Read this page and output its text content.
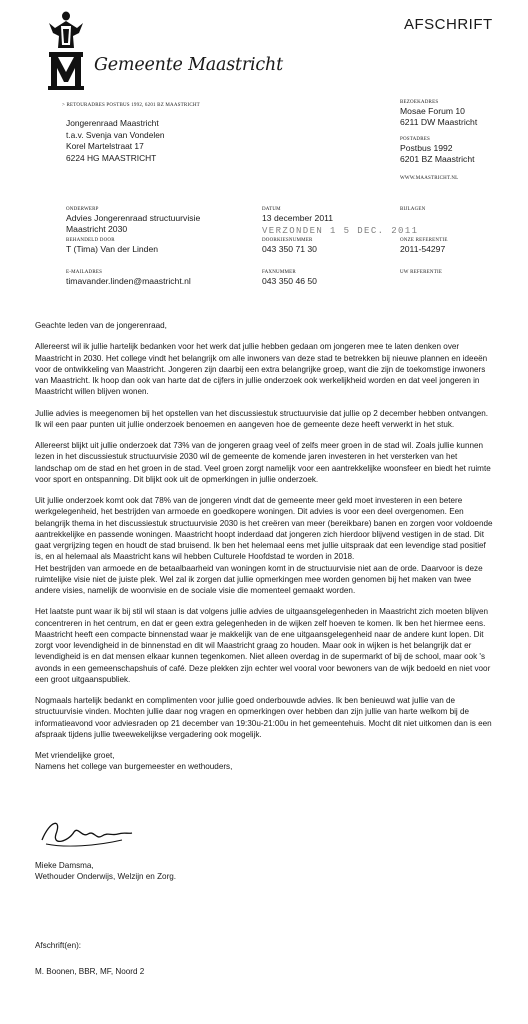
AFSCHRIFT
Gemeente Maastricht
> RETOURADRES POSTBUS 1992, 6201 BZ MAASTRICHT
Jongerenraad Maastricht
t.a.v. Svenja van Vondelen
Korel Martelstraat 17
6224 HG MAASTRICHT
BEZOEKADRES
Mosae Forum 10
6211 DW Maastricht
POSTADRES
Postbus 1992
6201 BZ Maastricht
WWW.MAASTRICHT.NL
ONDERWERP
Advies Jongerenraad structuurvisie
Maastricht 2030
DATUM
13 december 2011
BIJLAGEN
VERZONDEN 1 5 DEC. 2011
BEHANDELD DOOR
T (Tima) Van der Linden
DOORKIESNUMMER
043 350 71 30
ONZE REFERENTIE
2011-54297
E-MAILADRES
timavander.linden@maastricht.nl
FAXNUMMER
043 350 46 50
UW REFERENTIE

Geachte leden van de jongerenraad,

Allereerst wil ik jullie hartelijk bedanken voor het werk dat jullie hebben gedaan om jongeren mee te laten denken over Maastricht in 2030. Het college vindt het belangrijk om alle inwoners van deze stad te betrekken bij nieuwe plannen en ideeën voor de ontwikkeling van Maastricht. Jongeren zijn daarbij een extra belangrijke groep, want die zijn de toekomstige inwoners van Maastricht. Ik hoop dan ook van harte dat de cijfers in jullie onderzoek ook werkelijkheid worden en dat veel jongeren in Maastricht willen blijven wonen.

Jullie advies is meegenomen bij het opstellen van het discussiestuk structuurvisie dat jullie op 2 december hebben ontvangen. Ik wil een paar punten uit jullie onderzoek benoemen en aangeven hoe de gemeente deze heeft verwerkt in het stuk.

Allereerst blijkt uit jullie onderzoek dat 73% van de jongeren graag veel of zelfs meer groen in de stad wil. Zoals jullie kunnen lezen in het discussiestuk structuurvisie 2030 wil de gemeente de komende jaren investeren in het versterken van het landschap om de stad en het groen in de stad. Veel groen zorgt namelijk voor een aantrekkelijke woonsfeer en biedt het ruimte voor sport en ontspanning. Dit blijkt ook uit de opmerkingen in jullie onderzoek.

Uit jullie onderzoek komt ook dat 78% van de jongeren vindt dat de gemeente meer geld moet investeren in een betere werkgelegenheid, het bestrijden van armoede en goedkopere woningen. Dit advies is voor een deel overgenomen. Een belangrijk thema in het discussiestuk structuurvisie 2030 is het creëren van meer (bereikbare) banen en zorgen voor voldoende aantrekkelijke en passende woningen. Maastricht hoopt inderdaad dat jongeren zich hierdoor blijvend vestigen in de stad. Dit gaat vergrijzing tegen en houdt de stad bruisend. Ik ben het helemaal eens met jullie uitspraak dat een levendige stad positief is, en al helemaal als Maastricht kans wil hebben Culturele Hoofdstad te worden in 2018.
Het bestrijden van armoede en de betaalbaarheid van woningen komt in de structuurvisie niet aan de orde. Daarvoor is deze ruimtelijke visie niet de juiste plek. Wel zal ik zorgen dat jullie opmerkingen mee worden genomen bij het maken van twee andere visies, namelijk de woonvisie en de sociale visie die momenteel gemaakt worden.

Het laatste punt waar ik bij stil wil staan is dat volgens jullie advies de uitgaansgelegenheden in Maastricht zich moeten blijven concentreren in het centrum, en dat er geen extra gelegenheden in de wijken zelf hoeven te komen. Ik ben het hiermee eens. Maastricht heeft een compacte binnenstad waar je makkelijk van de ene uitgaansgelegenheid naar de andere kunt lopen. Dit zorgt voor levendigheid in de binnenstad en dit wil Maastricht graag zo houden. Maar ook in wijken is het belangrijk dat er levendigheid is en dat mensen elkaar kunnen tegenkomen. Niet alleen overdag in de supermarkt of bij de school, maar ook 's avonds in een gemeenschapshuis of café. Deze plekken zijn echter wel vooral voor bewoners van de wijk bedoeld en niet voor een groot uitgaanspubliek.

Nogmaals hartelijk bedankt en complimenten voor jullie goed onderbouwde advies. Ik ben benieuwd wat jullie van de structuurvisie vinden. Mochten jullie daar nog vragen en opmerkingen over hebben dan zijn jullie van harte welkom bij de informatieavond voor adviesraden op 21 december van 19:30u-21:00u in het gemeentehuis. Mocht dit niet uitkomen dan is een afspraak tijdens jullie tweewekelijkse vergadering ook mogelijk.

Met vriendelijke groet,
Namens het college van burgemeester en wethouders,
Mieke Damsma,
Wethouder Onderwijs, Welzijn en Zorg.
Afschrift(en):
M. Boonen, BBR, MF, Noord 2
